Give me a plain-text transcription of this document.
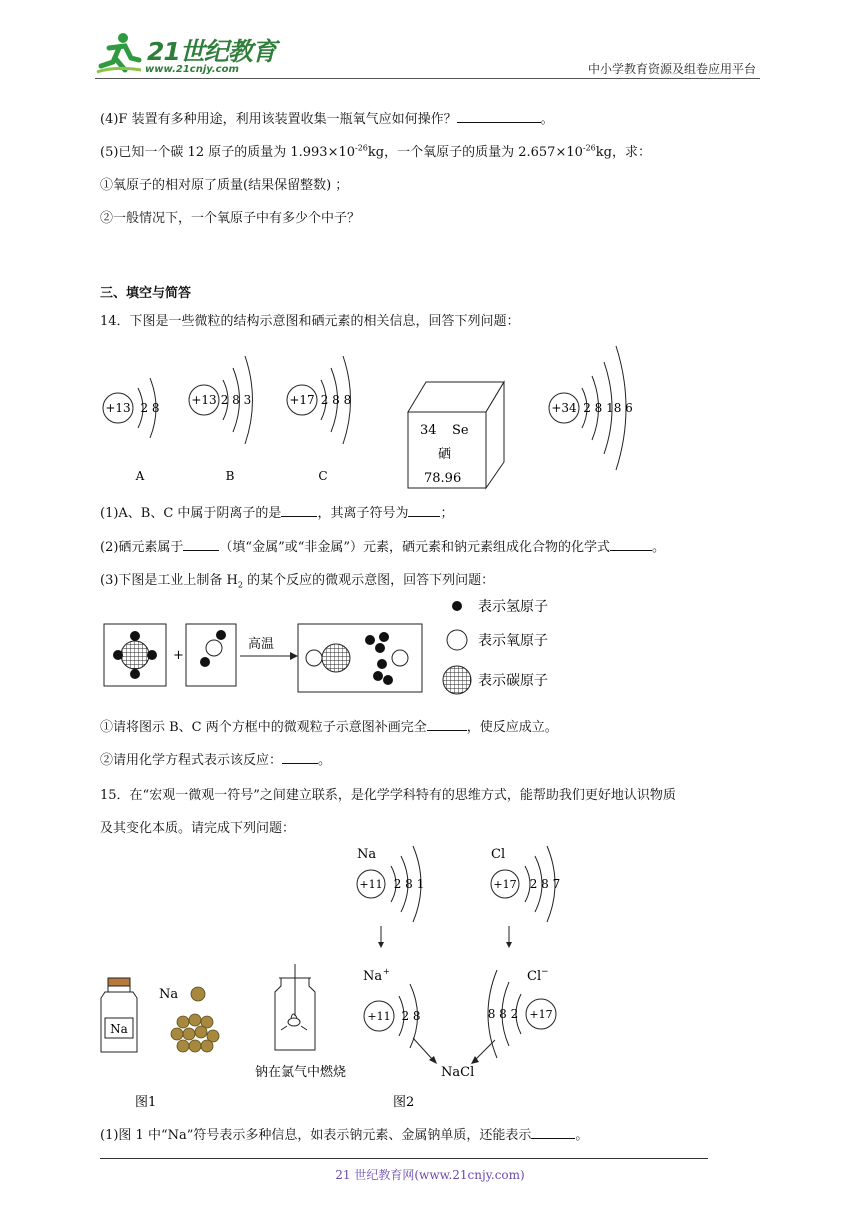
21世纪教育
www.21cnjy.com	中小学教育资源及组卷应用平台
(4)F 装置有多种用途，利用该装置收集一瓶氧气应如何操作？	。
(5)已知一个碳 12 原子的质量为 $1.993\times 10^{-26}kg$，一个氧原子的质量为 $2.657\times 10^{-26}kg$，求：
①氧原子的相对原了质量(结果保留整数) ；
②一般情况下，一个氧原子中有多少个中子？
三、填空与简答
14．下图是一些微粒的结构示意图和硒元素的相关信息，回答下列问题：
+13 2 8
A
+13 2 8 3
B
+17 2 8 8
C
34 Se
硒
78.96
+34 2 8 18 6
(1)A、B、C 中属于阴离子的是	，其离子符号为 ；
(2)硒元素属于	（填“金属”或“非金属”）元素，硒元素和钠元素组成化合物的化学式	。
(3)下图是工业上制备 $H_2$ 的某个反应的微观示意图，回答下列问题：
+
高温
表示氢原子
表示氧原子
表示碳原子
①请将图示 B、C 两个方框中的微观粒子示意图补画完全	，使反应成立。
②请用化学方程式表示该反应：	。
15．在“宏观一微观一符号”之间建立联系，是化学学科特有的思维方式，能帮助我们更好地认识物质
及其变化本质。请完成下列问题：
Na
+11 2 8 1
Cl
+17 2 8 7
Na +
+11 2 8
Cl −
+17
8 8 2
NaCl
Na
Na
钠在氯气中燃烧
图1	图2
(1)图 1 中“Na”符号表示多种信息，如表示钠元素、金属钠单质，还能表示	。
21 世纪教育网(www.21cnjy.com)
